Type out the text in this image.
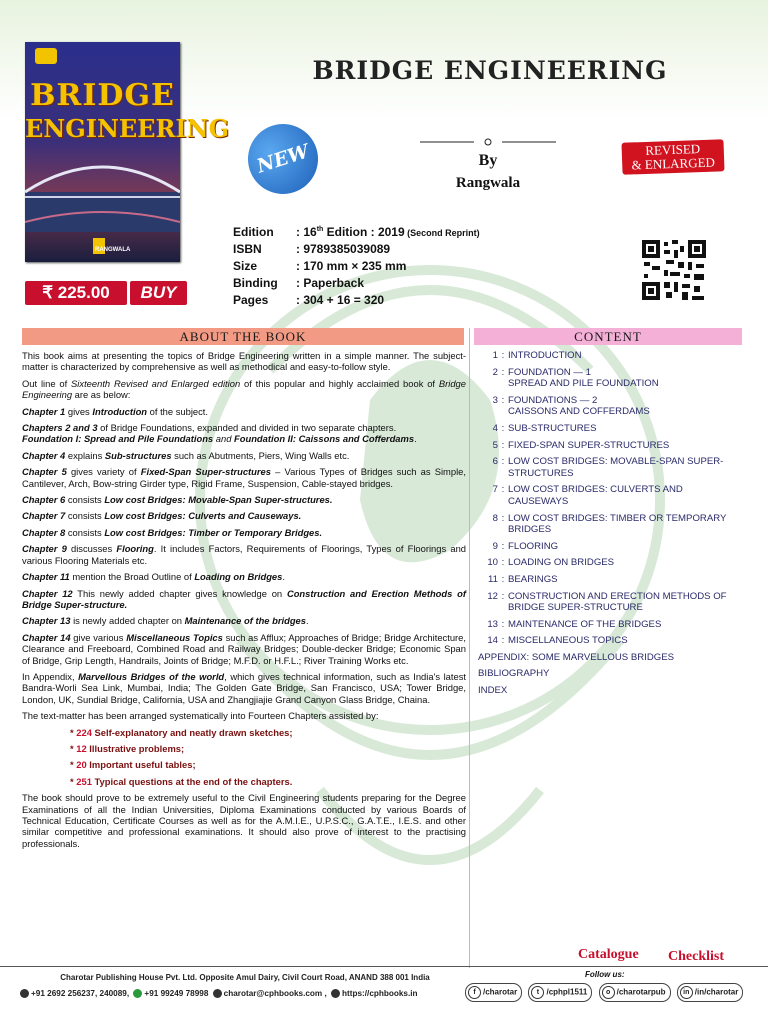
BRIDGE
ENGINEERING
RANGWALA
₹ 225.00	BUY
BRIDGE ENGINEERING
NEW	By
Rangwala
REVISED
& ENLARGED
Edition	: 16th Edition : 2019 (Second Reprint)
ISBN	: 9789385039089
Size	: 170 mm × 235 mm
Binding	: Paperback
Pages	: 304 + 16 = 320
ABOUT THE BOOK	CONTENT

This book aims at presenting the topics of Bridge Engineering written in a simple manner. The subject-matter is characterized by comprehensive as well as methodical and easy-to-follow style.

Out line of Sixteenth Revised and Enlarged edition of this popular and highly acclaimed book of Bridge Engineering are as below:

Chapter 1 gives Introduction of the subject.

Chapters 2 and 3 of Bridge Foundations, expanded and divided in two separate chapters.
Foundation I: Spread and Pile Foundations and Foundation II: Caissons and Cofferdams.

Chapter 4 explains Sub-structures such as Abutments, Piers, Wing Walls etc.

Chapter 5 gives variety of Fixed-Span Super-structures – Various Types of Bridges such as Simple, Cantilever, Arch, Bow-string Girder type, Rigid Frame, Suspension, Cable-stayed bridges.

Chapter 6 consists Low cost Bridges: Movable-Span Super-structures.

Chapter 7 consists Low cost Bridges: Culverts and Causeways.

Chapter 8 consists Low cost Bridges: Timber or Temporary Bridges.

Chapter 9 discusses Flooring. It includes Factors, Requirements of Floorings, Types of Floorings and various Flooring Materials etc.

Chapter 11 mention the Broad Outline of Loading on Bridges.

Chapter 12 This newly added chapter gives knowledge on Construction and Erection Methods of Bridge Super-structure.

Chapter 13 is newly added chapter on Maintenance of the bridges.

Chapter 14 give various Miscellaneous Topics such as Afflux; Approaches of Bridge; Bridge Architecture, Clearance and Freeboard, Combined Road and Railway Bridges; Double-decker Bridge; Economic Span of Bridge, Grip Length, Handrails, Joints of Bridge; M.F.D. or H.F.L.; River Training Works etc.

In Appendix, Marvellous Bridges of the world, which gives technical information, such as India's latest Bandra-Worli Sea Link, Mumbai, India; The Golden Gate Bridge, San Francisco, USA; Tower Bridge, London, UK, Sundial Bridge, California, USA and Zhangjiajie Grand Canyon Glass Bridge, Chaina.

The text-matter has been arranged systematically into Fourteen Chapters assisted by:

* 224 Self-explanatory and neatly drawn sketches;
* 12 Illustrative problems;
* 20 Important useful tables;
* 251 Typical questions at the end of the chapters.

The book should prove to be extremely useful to the Civil Engineering students preparing for the Degree Examinations of all the Indian Universities, Diploma Examinations conducted by various Boards of Technical Education, Certificate Courses as well as for the A.M.I.E., U.P.S.C., G.A.T.E., I.E.S. and other similar competitive and professional examinations. It should also prove of interest to the practising professionals.

1 : INTRODUCTION
2 : FOUNDATION — 1
SPREAD AND PILE FOUNDATION
3 : FOUNDATIONS — 2
CAISSONS AND COFFERDAMS
4 : SUB-STRUCTURES
5 : FIXED-SPAN SUPER-STRUCTURES
6 : LOW COST BRIDGES: MOVABLE-SPAN SUPER-
STRUCTURES
7 : LOW COST BRIDGES: CULVERTS AND CAUSEWAYS
8 : LOW COST BRIDGES: TIMBER OR TEMPORARY
BRIDGES
9 : FLOORING
10 : LOADING ON BRIDGES
11 : BEARINGS
12 : CONSTRUCTION AND ERECTION METHODS OF
BRIDGE SUPER-STRUCTURE
13 : MAINTENANCE OF THE BRIDGES
14 : MISCELLANEOUS TOPICS
APPENDIX: SOME MARVELLOUS BRIDGES
BIBLIOGRAPHY
INDEX
Catalogue Checklist
Charotar Publishing House Pvt. Ltd. Opposite Amul Dairy, Civil Court Road, ANAND 388 001 India
+91 2692 256237, 240089, +91 99249 78998 charotar@cphbooks.com , https://cphbooks.in
Follow us:
f /charotar	t /cphpl1511	o /charotarpub	in /in/charotar
